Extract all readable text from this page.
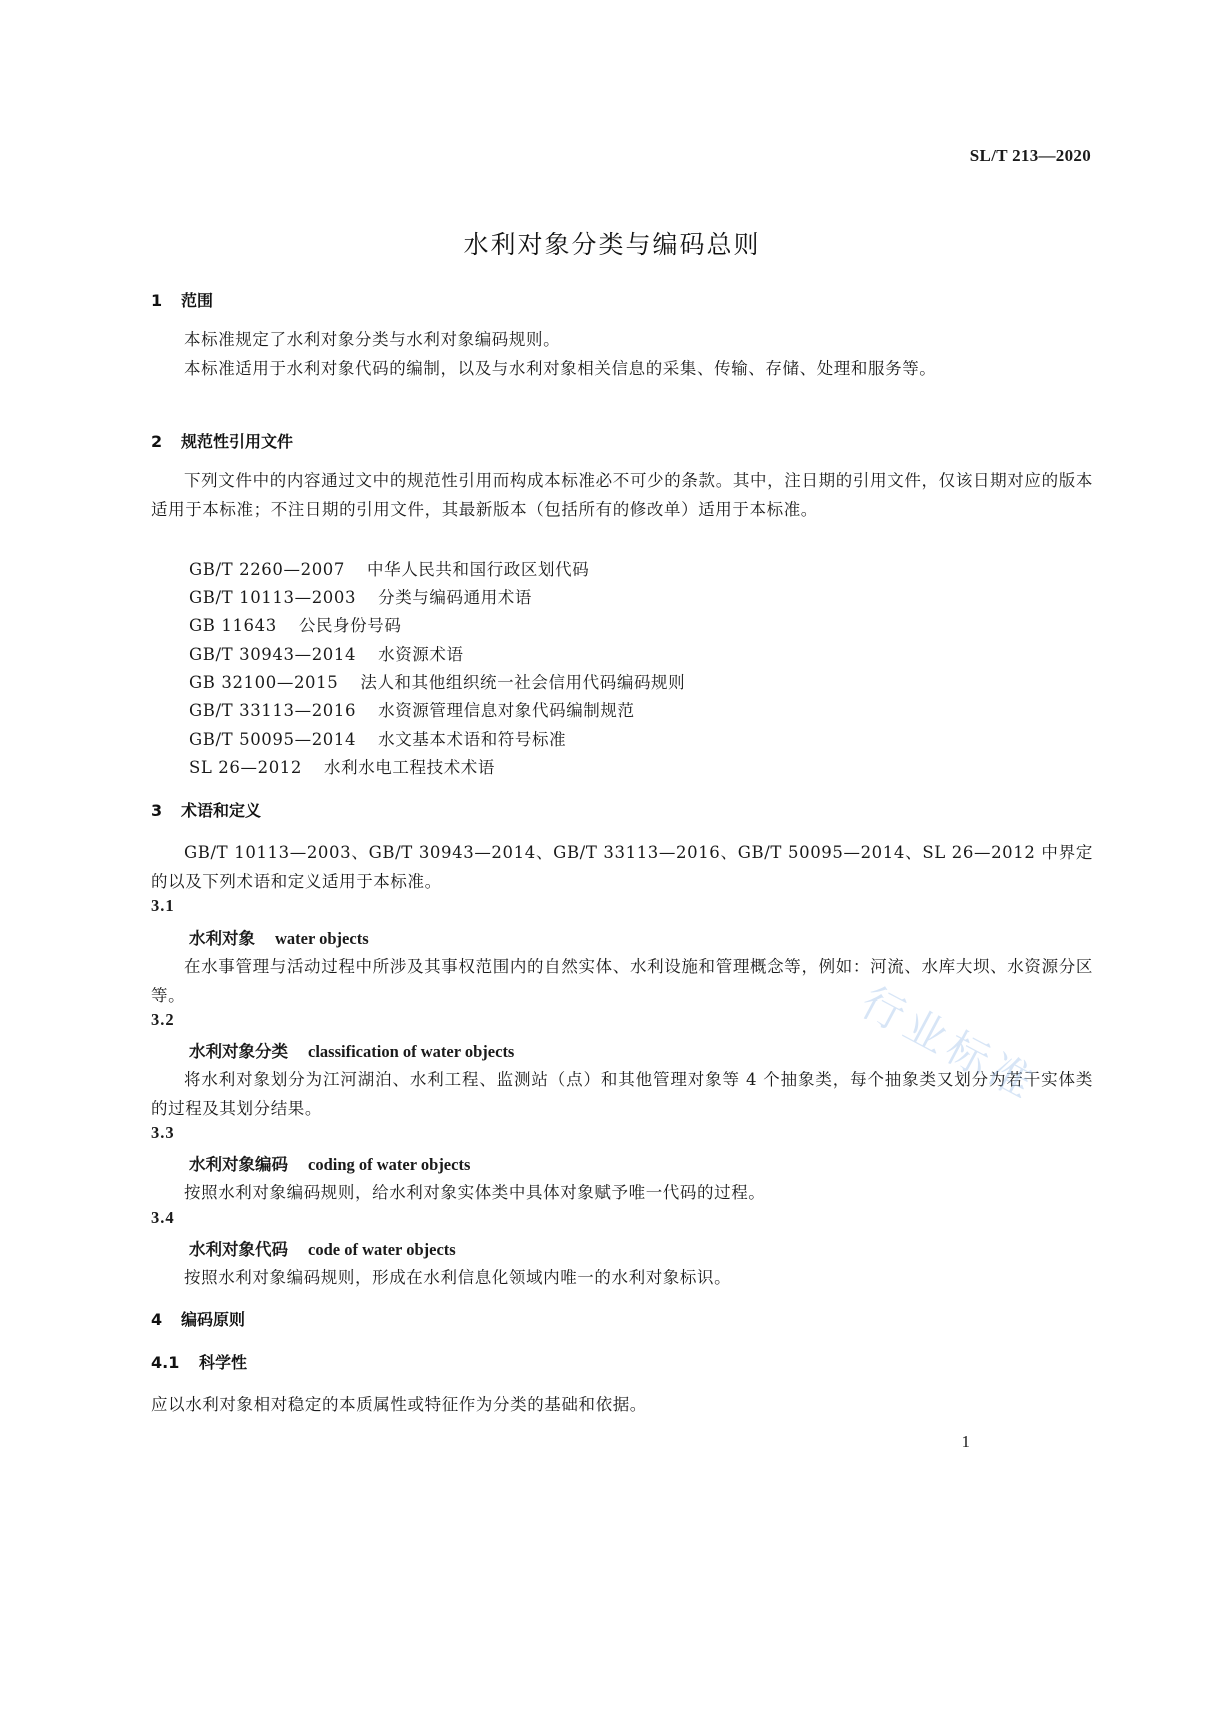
SL/T 213—2020
水利对象分类与编码总则
1 范围
本标准规定了水利对象分类与水利对象编码规则。
本标准适用于水利对象代码的编制，以及与水利对象相关信息的采集、传输、存储、处理和服务等。
2 规范性引用文件
下列文件中的内容通过文中的规范性引用而构成本标准必不可少的条款。其中，注日期的引用文件，仅该日期对应的版本适用于本标准；不注日期的引用文件，其最新版本（包括所有的修改单）适用于本标准。
GB/T 2260—2007 中华人民共和国行政区划代码
GB/T 10113—2003 分类与编码通用术语
GB 11643 公民身份号码
GB/T 30943—2014 水资源术语
GB 32100—2015 法人和其他组织统一社会信用代码编码规则
GB/T 33113—2016 水资源管理信息对象代码编制规范
GB/T 50095—2014 水文基本术语和符号标准
SL 26—2012 水利水电工程技术术语
3 术语和定义
GB/T 10113—2003、GB/T 30943—2014、GB/T 33113—2016、GB/T 50095—2014、SL 26—2012 中界定的以及下列术语和定义适用于本标准。
3.1
水利对象 water objects
在水事管理与活动过程中所涉及其事权范围内的自然实体、水利设施和管理概念等，例如：河流、水库大坝、水资源分区等。
3.2
水利对象分类 classification of water objects
将水利对象划分为江河湖泊、水利工程、监测站（点）和其他管理对象等 4 个抽象类，每个抽象类又划分为若干实体类的过程及其划分结果。
3.3
水利对象编码 coding of water objects
按照水利对象编码规则，给水利对象实体类中具体对象赋予唯一代码的过程。
3.4
水利对象代码 code of water objects
按照水利对象编码规则，形成在水利信息化领域内唯一的水利对象标识。
4 编码原则
4.1 科学性
应以水利对象相对稳定的本质属性或特征作为分类的基础和依据。
行业标准
1
